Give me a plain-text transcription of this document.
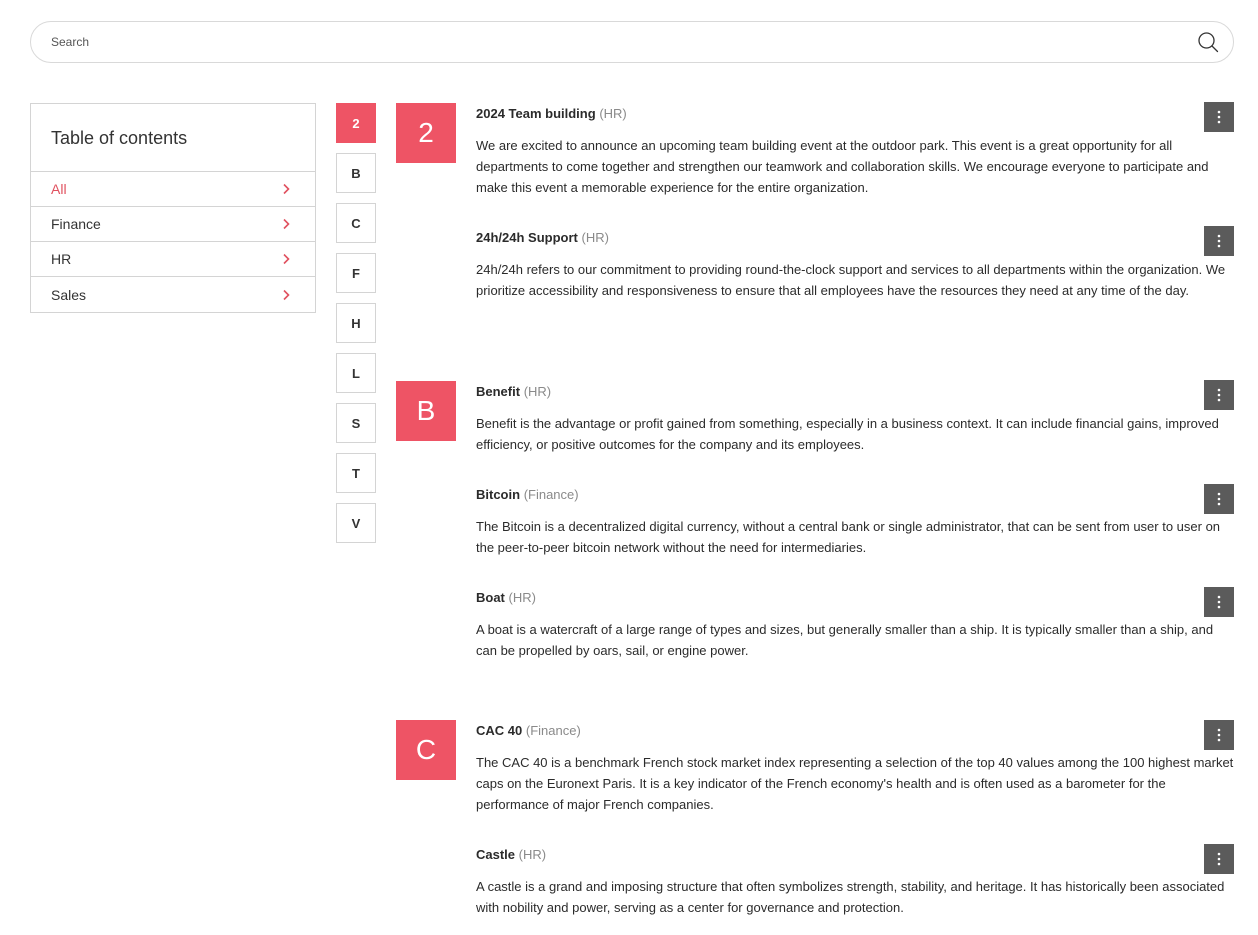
Search
Table of contents
All
Finance
HR
Sales
2
B
C
F
H
L
S
T
V
2
2024 Team building (HR)
We are excited to announce an upcoming team building event at the outdoor park. This event is a great opportunity for all departments to come together and strengthen our teamwork and collaboration skills. We encourage everyone to participate and make this event a memorable experience for the entire organization.
24h/24h Support (HR)
24h/24h refers to our commitment to providing round-the-clock support and services to all departments within the organization. We prioritize accessibility and responsiveness to ensure that all employees have the resources they need at any time of the day.
B
Benefit (HR)
Benefit is the advantage or profit gained from something, especially in a business context. It can include financial gains, improved efficiency, or positive outcomes for the company and its employees.
Bitcoin (Finance)
The Bitcoin is a decentralized digital currency, without a central bank or single administrator, that can be sent from user to user on the peer-to-peer bitcoin network without the need for intermediaries.
Boat (HR)
A boat is a watercraft of a large range of types and sizes, but generally smaller than a ship. It is typically smaller than a ship, and can be propelled by oars, sail, or engine power.
C
CAC 40 (Finance)
The CAC 40 is a benchmark French stock market index representing a selection of the top 40 values among the 100 highest market caps on the Euronext Paris. It is a key indicator of the French economy's health and is often used as a barometer for the performance of major French companies.
Castle (HR)
A castle is a grand and imposing structure that often symbolizes strength, stability, and heritage. It has historically been associated with nobility and power, serving as a center for governance and protection.
